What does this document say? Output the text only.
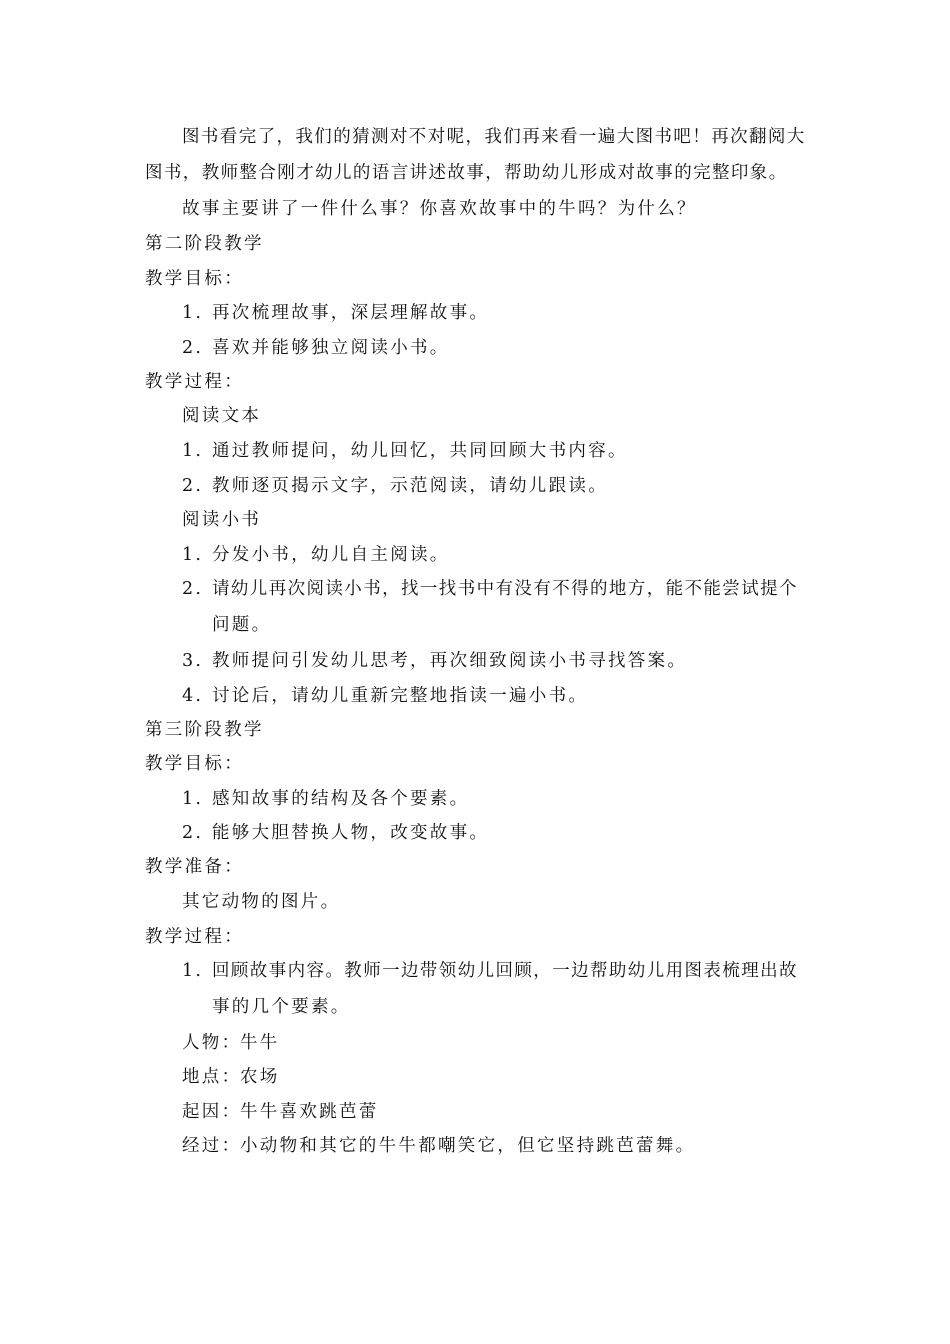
图书看完了，我们的猜测对不对呢，我们再来看一遍大图书吧！再次翻阅大

图书，教师整合刚才幼儿的语言讲述故事，帮助幼儿形成对故事的完整印象。

故事主要讲了一件什么事？你喜欢故事中的牛吗？为什么？

第二阶段教学

教学目标：

1. 再次梳理故事，深层理解故事。

2. 喜欢并能够独立阅读小书。

教学过程：

阅读文本

1. 通过教师提问，幼儿回忆，共同回顾大书内容。

2. 教师逐页揭示文字，示范阅读，请幼儿跟读。

阅读小书

1. 分发小书，幼儿自主阅读。

2. 请幼儿再次阅读小书，找一找书中有没有不得的地方，能不能尝试提个

问题。

3. 教师提问引发幼儿思考，再次细致阅读小书寻找答案。

4. 讨论后，请幼儿重新完整地指读一遍小书。

第三阶段教学

教学目标：

1. 感知故事的结构及各个要素。

2. 能够大胆替换人物，改变故事。

教学准备：

其它动物的图片。

教学过程：

1. 回顾故事内容。教师一边带领幼儿回顾，一边帮助幼儿用图表梳理出故

事的几个要素。

人物：

牛牛

地点：

农场

起因：

牛牛喜欢跳芭蕾

经过：

小动物和其它的牛牛都嘲笑它，但它坚持跳芭蕾舞。
